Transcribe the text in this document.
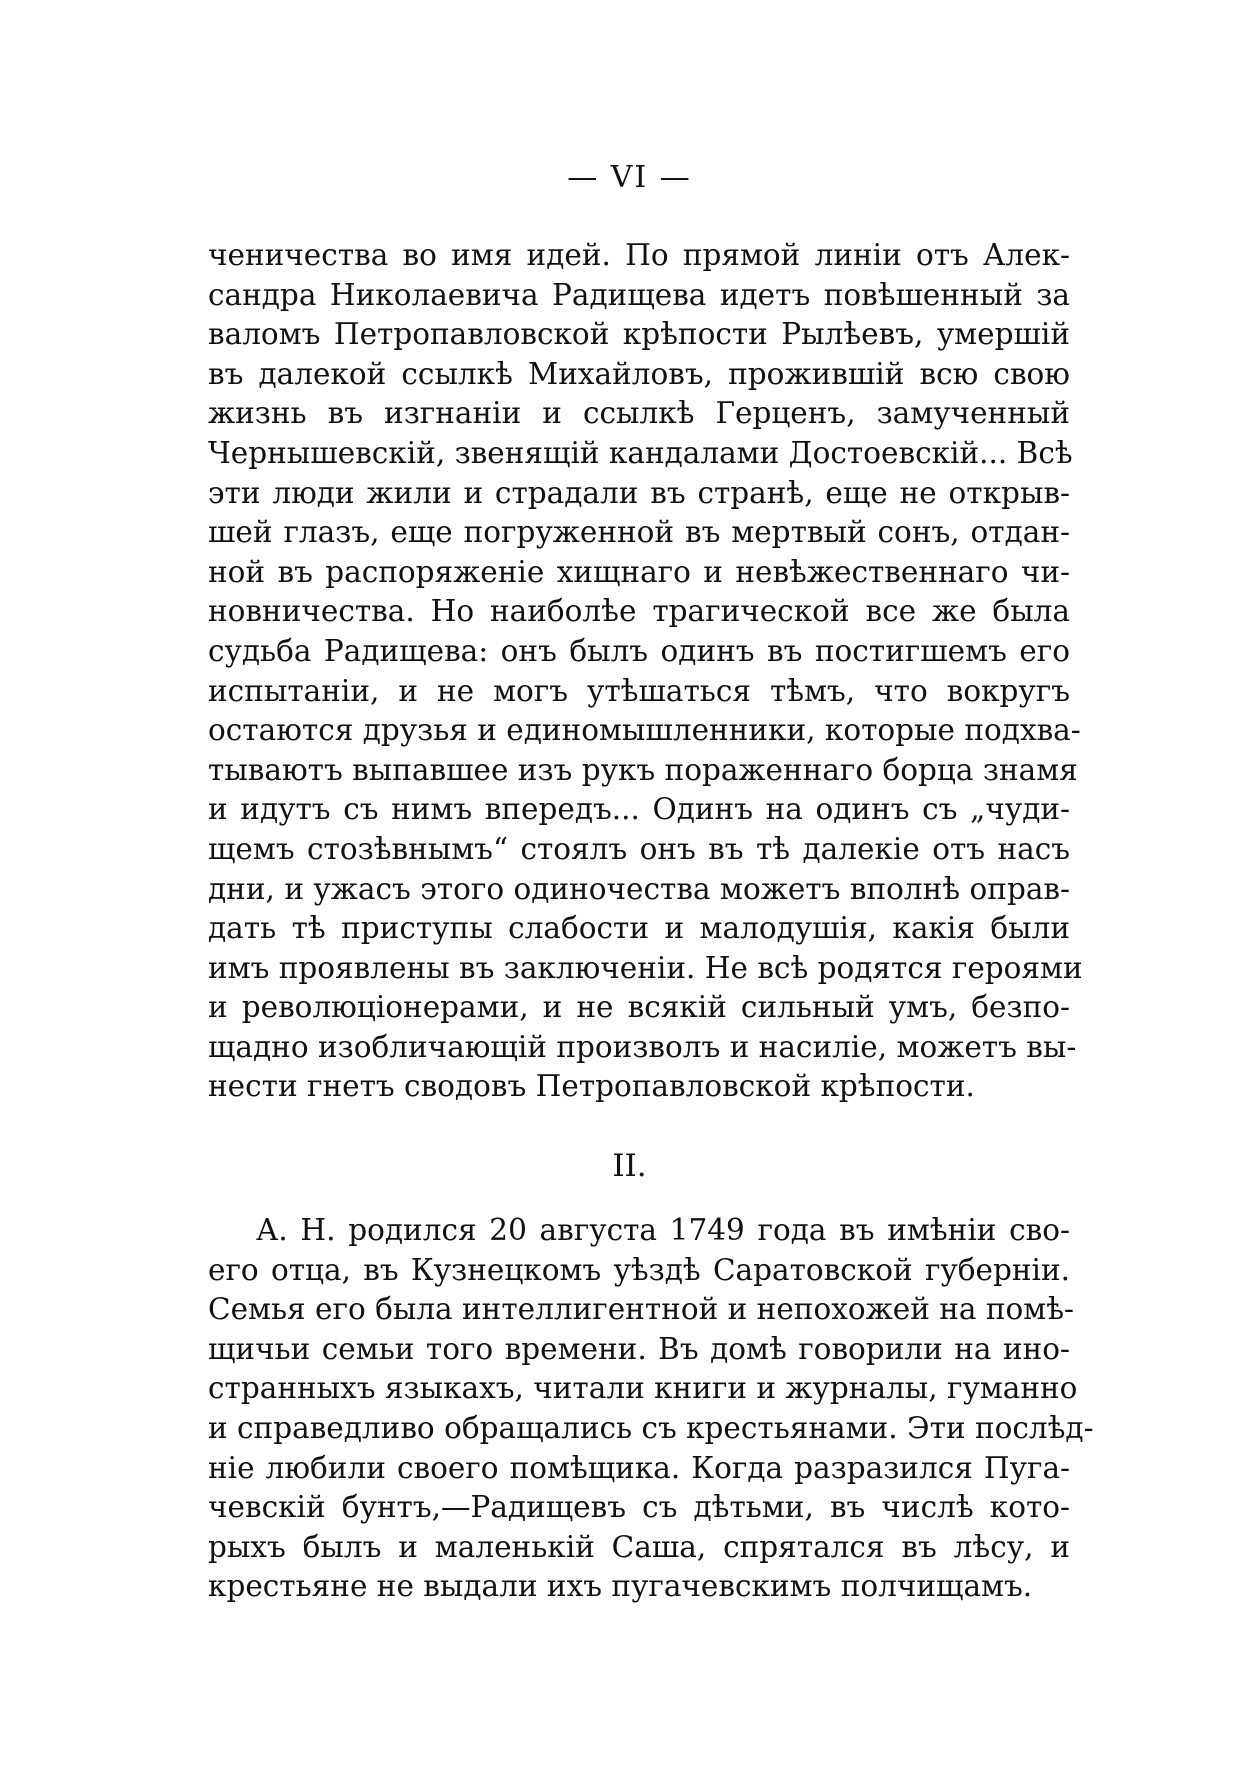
— VI —
ченичества во имя идей. По прямой линіи отъ Алек-
сандра Николаевича Радищева идетъ повѣшенный за
валомъ Петропавловской крѣпости Рылѣевъ, умершій
въ далекой ссылкѣ Михайловъ, прожившій всю свою
жизнь въ изгнаніи и ссылкѣ Герценъ, замученный
Чернышевскій, звенящій кандалами Достоевскій... Всѣ
эти люди жили и страдали въ странѣ, еще не открыв-
шей глазъ, еще погруженной въ мертвый сонъ, отдан-
ной въ распоряженіе хищнаго и невѣжественнаго чи-
новничества. Но наиболѣе трагической все же была
судьба Радищева: онъ былъ одинъ въ постигшемъ его
испытаніи, и не могъ утѣшаться тѣмъ, что вокругъ
остаются друзья и единомышленники, которые подхва-
тываютъ выпавшее изъ рукъ пораженнаго борца знамя
и идутъ съ нимъ впередъ... Одинъ на одинъ съ „чуди-
щемъ стозѣвнымъ“ стоялъ онъ въ тѣ далекіе отъ насъ
дни, и ужасъ этого одиночества можетъ вполнѣ оправ-
дать тѣ приступы слабости и малодушія, какія были
имъ проявлены въ заключеніи. Не всѣ родятся героями
и революціонерами, и не всякій сильный умъ, безпо-
щадно изобличающій произволъ и насиліе, можетъ вы-
нести гнетъ сводовъ Петропавловской крѣпости.
II.
А. Н. родился 20 августа 1749 года въ имѣніи сво-
его отца, въ Кузнецкомъ уѣздѣ Саратовской губерніи.
Семья его была интеллигентной и непохожей на помѣ-
щичьи семьи того времени. Въ домѣ говорили на ино-
странныхъ языкахъ, читали книги и журналы, гуманно
и справедливо обращались съ крестьянами. Эти послѣд-
ніе любили своего помѣщика. Когда разразился Пуга-
чевскій бунтъ,—Радищевъ съ дѣтьми, въ числѣ кото-
рыхъ былъ и маленькій Саша, спрятался въ лѣсу, и
крестьяне не выдали ихъ пугачевскимъ полчищамъ.
